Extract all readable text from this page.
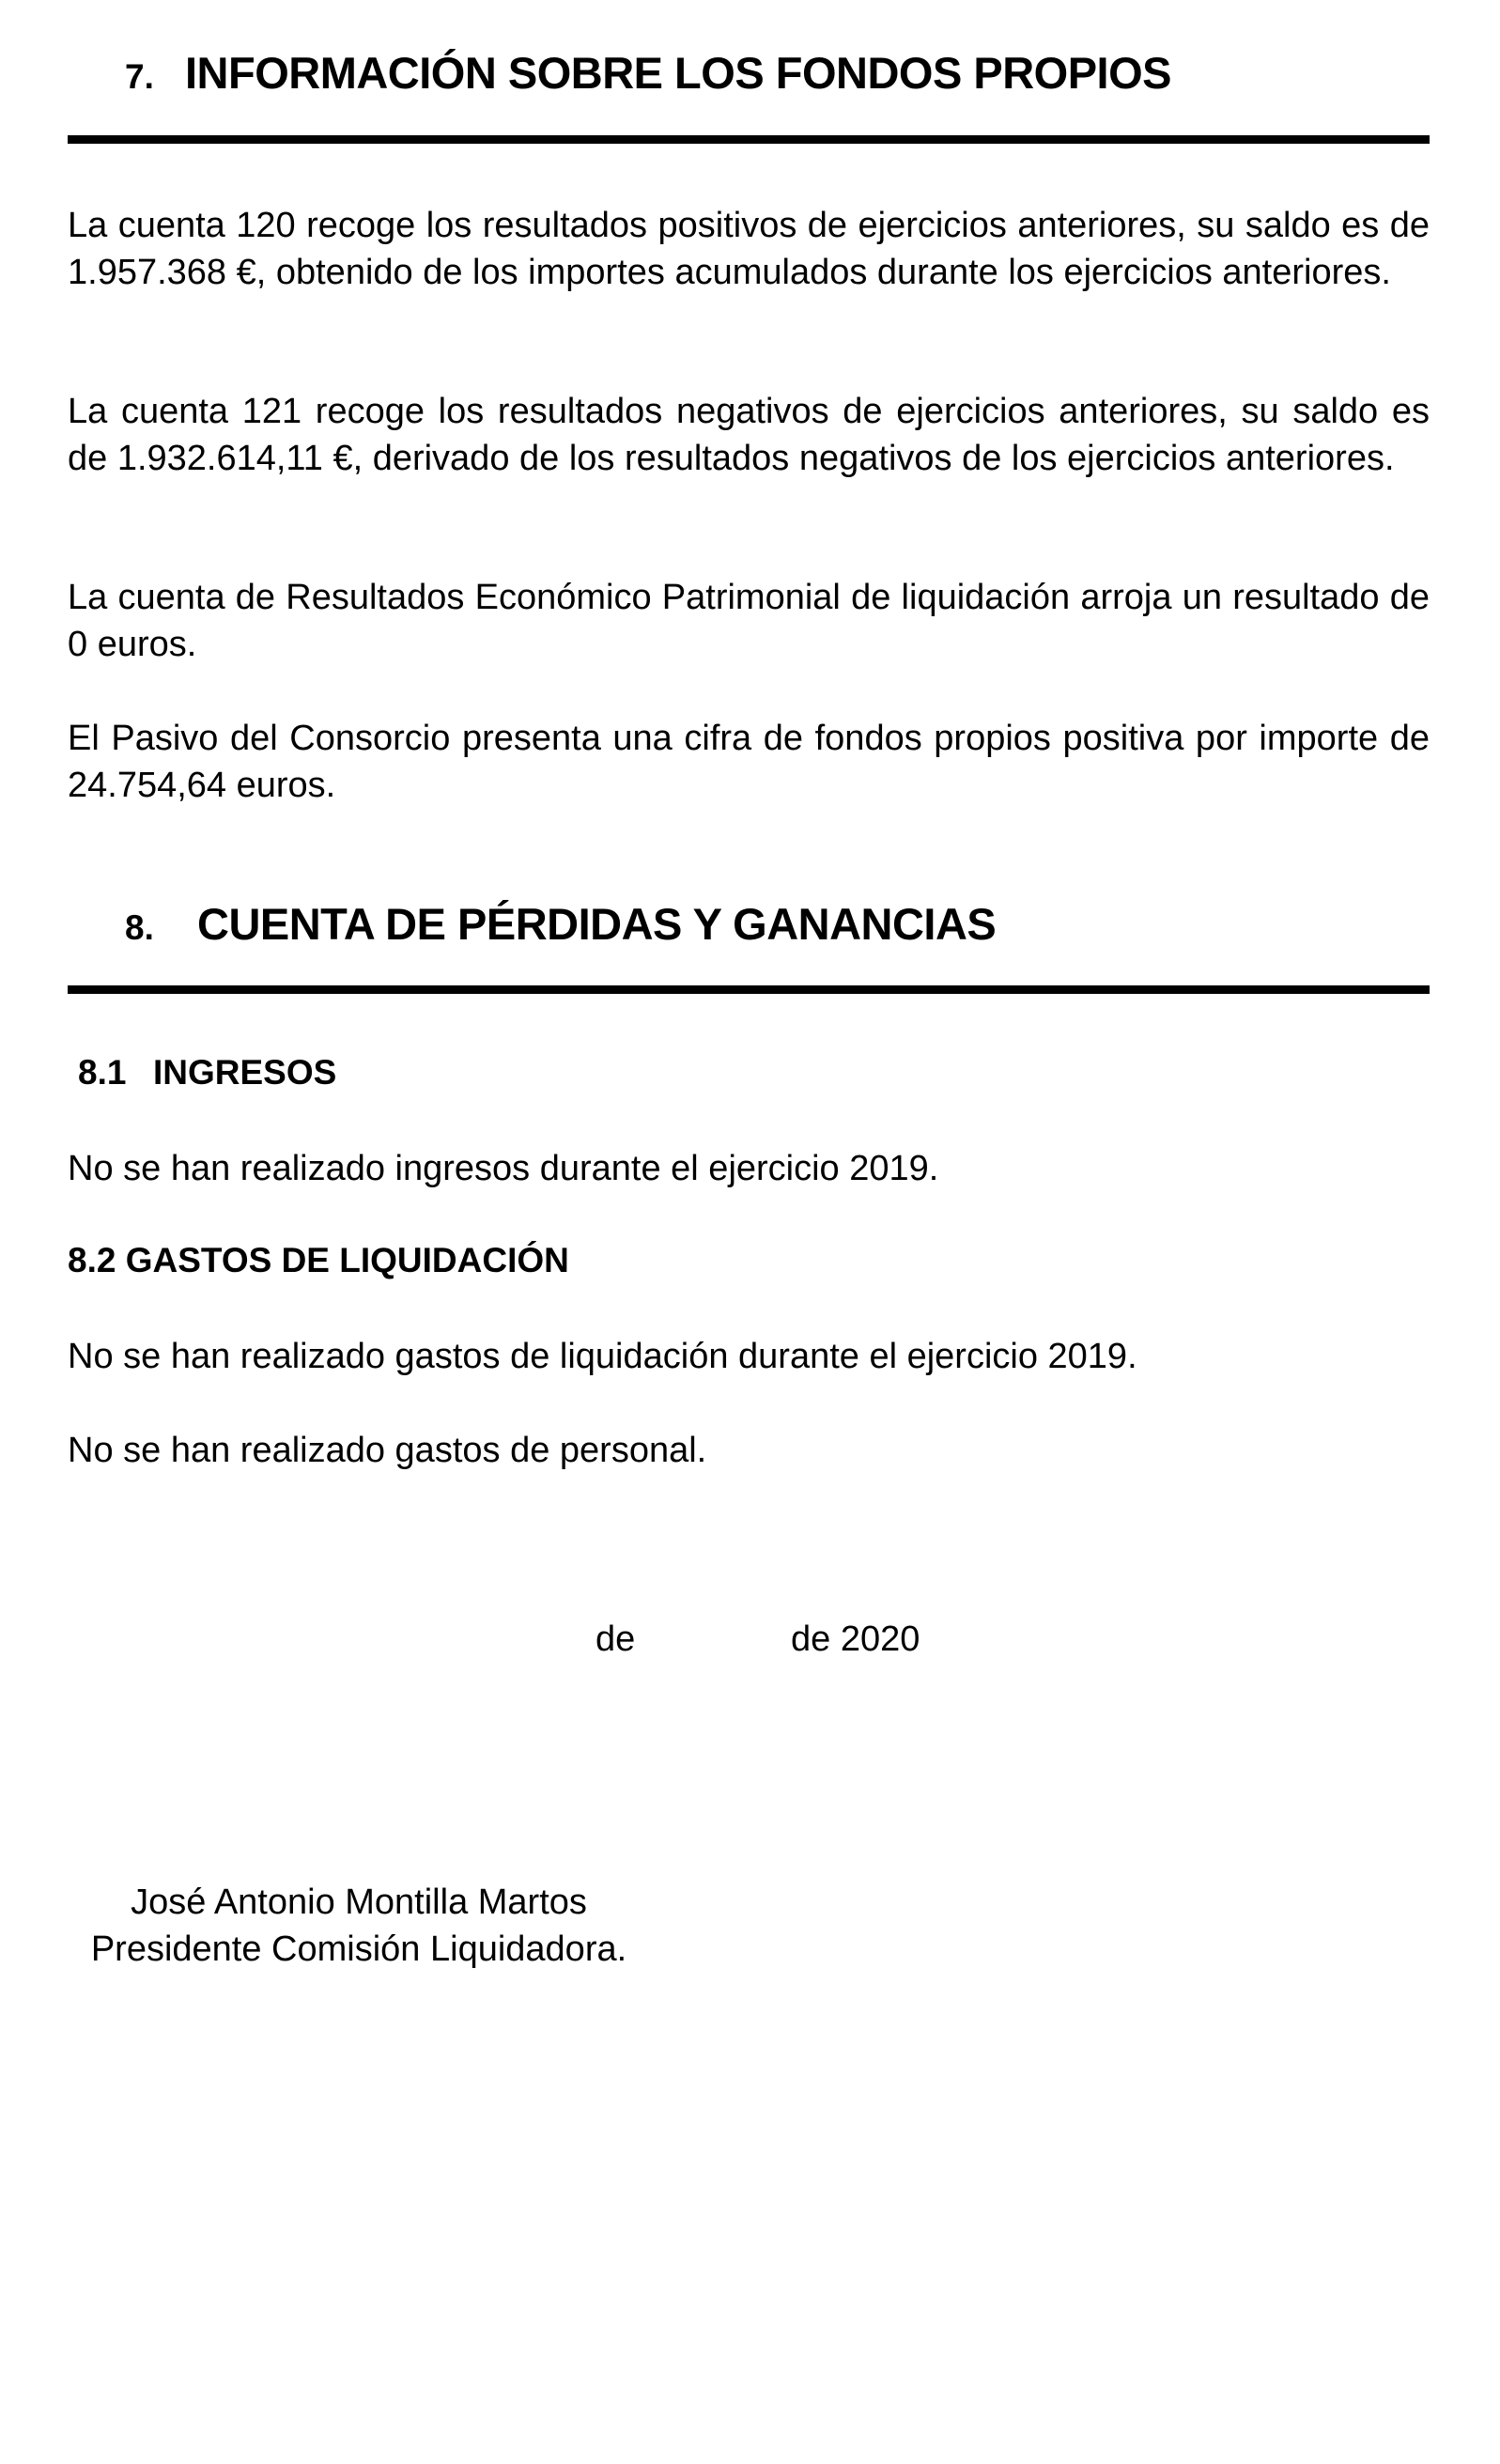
7. INFORMACIÓN SOBRE LOS FONDOS PROPIOS

La cuenta 120 recoge los resultados positivos de ejercicios anteriores, su saldo es de 1.957.368 €, obtenido de los importes acumulados durante los ejercicios anteriores.

La cuenta 121 recoge los resultados negativos de ejercicios anteriores, su saldo es de 1.932.614,11 €, derivado de los resultados negativos de los ejercicios anteriores.

La cuenta de Resultados Económico Patrimonial de liquidación arroja un resultado de 0 euros.

El Pasivo del Consorcio presenta una cifra de fondos propios positiva por importe de 24.754,64 euros.

8. CUENTA DE PÉRDIDAS Y GANANCIAS
8.1 INGRESOS

No se han realizado ingresos durante el ejercicio 2019.

8.2 GASTOS DE LIQUIDACIÓN

No se han realizado gastos de liquidación durante el ejercicio 2019.

No se han realizado gastos de personal.

de	de 2020
José Antonio Montilla Martos
Presidente Comisión Liquidadora.
